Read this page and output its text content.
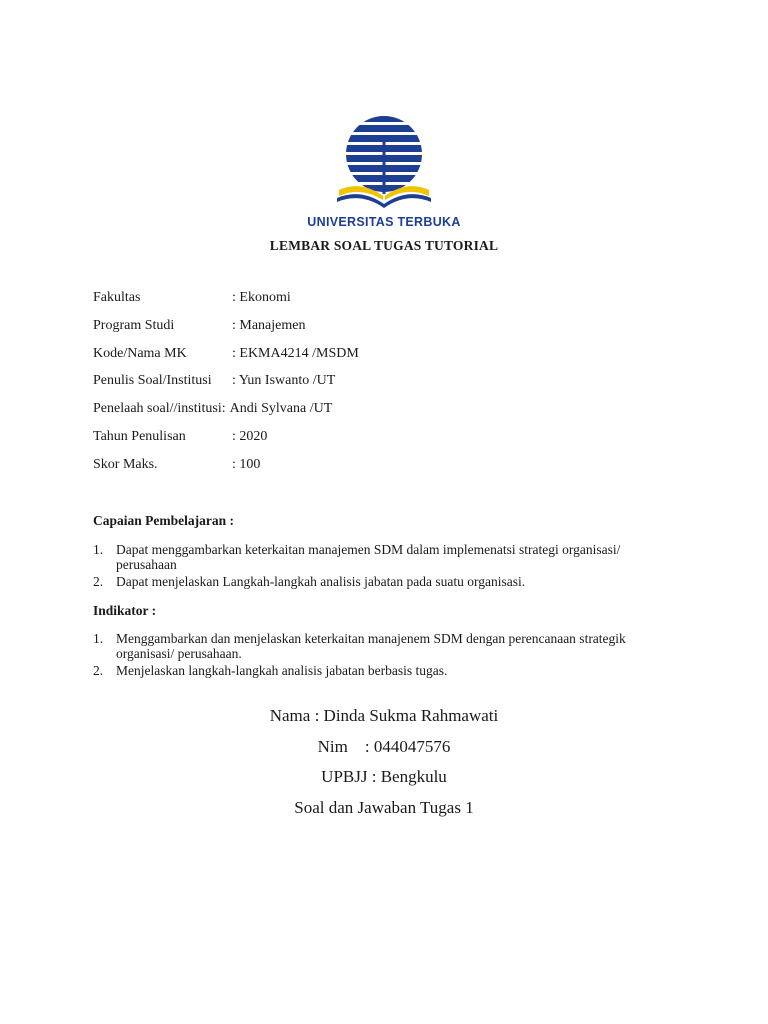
UNIVERSITAS TERBUKA
LEMBAR SOAL TUGAS TUTORIAL
Fakultas	: Ekonomi
Program Studi	: Manajemen
Kode/Nama MK	: EKMA4214 /MSDM
Penulis Soal/Institusi	: Yun Iswanto /UT
Penelaah soal//institusi: Andi Sylvana /UT
Tahun Penulisan	: 2020
Skor Maks.	: 100
Capaian Pembelajaran :
1. Dapat menggambarkan keterkaitan manajemen SDM dalam implemenatsi strategi organisasi/ perusahaan
2. Dapat menjelaskan Langkah-langkah analisis jabatan pada suatu organisasi.
Indikator :
1. Menggambarkan dan menjelaskan keterkaitan manajenem SDM dengan perencanaan strategik organisasi/ perusahaan.
2. Menjelaskan langkah-langkah analisis jabatan berbasis tugas.
Nama : Dinda Sukma Rahmawati
Nim    : 044047576
UPBJJ : Bengkulu
Soal dan Jawaban Tugas 1
